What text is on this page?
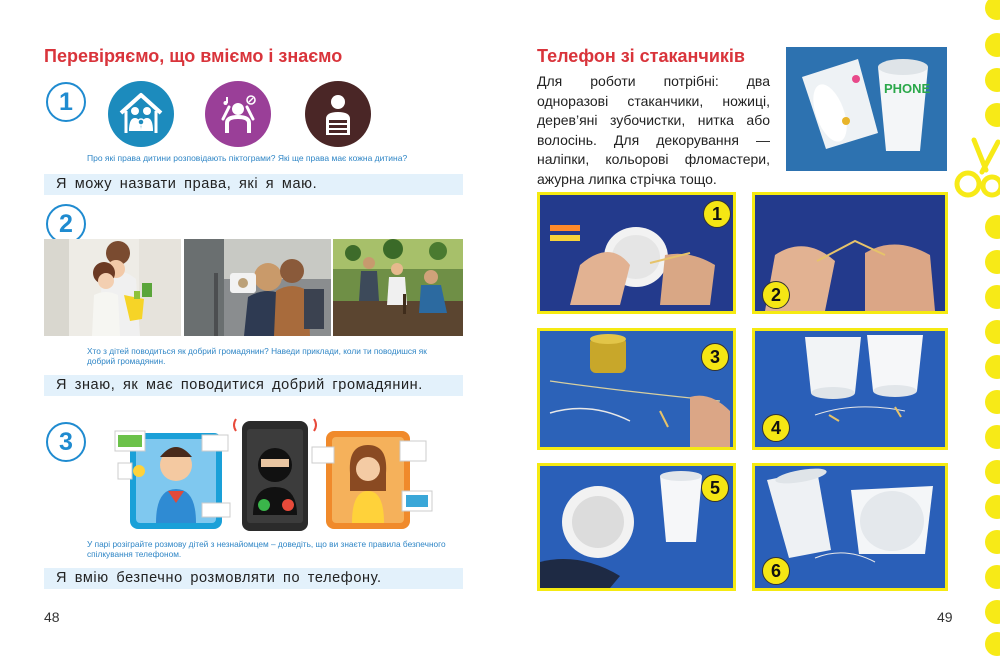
Перевіряємо, що вміємо і знаємо
1
Про які права дитини розповідають піктограми? Які ще права має кожна дитина?
Я можу назвати права, які я маю.
2
Хто з дітей поводиться як добрий громадянин? Наведи приклади, коли ти поводишся як добрий громадянин.
Я знаю, як має поводитися добрий громадянин.
3
У парі розіграйте розмову дітей з незнайомцем – доведіть, що ви знаєте правила безпечного спілкування телефоном.
Я вмію безпечно розмовляти по телефону.
48
Телефон зі стаканчиків
Для роботи потрібні: два одноразові стаканчики, ножиці, дерев’яні зубочистки, нитка або волосінь. Для декорування — наліпки, кольорові фломастери, ажурна липка стрічка тощо.
PHONE
1
2
3
4
5
6
49
